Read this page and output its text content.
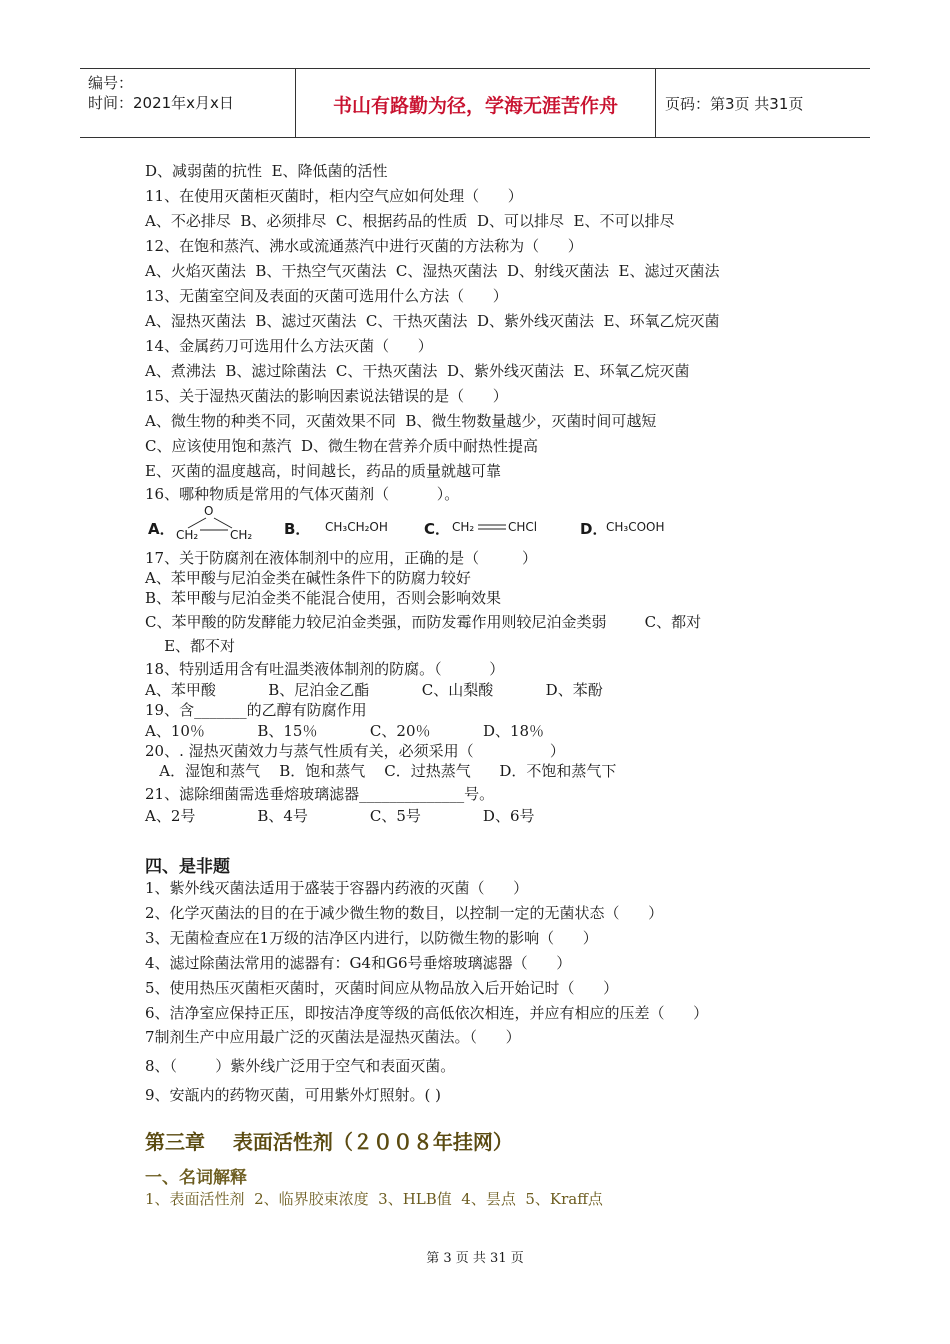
编号：
时间：2021年x月x日	书山有路勤为径，学海无涯苦作舟	页码：第3页 共31页
D、减弱菌的抗性  E、降低菌的活性
11、在使用灭菌柜灭菌时，柜内空气应如何处理（      ）
A、不必排尽  B、必须排尽  C、根据药品的性质  D、可以排尽  E、不可以排尽
12、在饱和蒸汽、沸水或流通蒸汽中进行灭菌的方法称为（      ）
A、火焰灭菌法  B、干热空气灭菌法  C、湿热灭菌法  D、射线灭菌法  E、滤过灭菌法
13、无菌室空间及表面的灭菌可选用什么方法（      ）
A、湿热灭菌法  B、滤过灭菌法  C、干热灭菌法  D、紫外线灭菌法  E、环氧乙烷灭菌
14、金属药刀可选用什么方法灭菌（      ）
A、煮沸法  B、滤过除菌法  C、干热灭菌法  D、紫外线灭菌法  E、环氧乙烷灭菌
15、关于湿热灭菌法的影响因素说法错误的是（      ）
A、微生物的种类不同，灭菌效果不同  B、微生物数量越少，灭菌时间可越短
C、应该使用饱和蒸汽  D、微生物在营养介质中耐热性提高
E、灭菌的温度越高，时间越长，药品的质量就越可靠
16、哪种物质是常用的气体灭菌剂（          ）。
A．
O
CH₂	CH₂ B． CH₃CH₂OH C． CH₂	CHCl	D．
CH₃COOH
17、关于防腐剂在液体制剂中的应用，正确的是（         ）
A、苯甲酸与尼泊金类在碱性条件下的防腐力较好
B、苯甲酸与尼泊金类不能混合使用，否则会影响效果
C、苯甲酸的防发酵能力较尼泊金类强，而防发霉作用则较尼泊金类弱        C、都对
E、都不对
18、特别适用含有吐温类液体制剂的防腐。（          ）
A、苯甲酸           B、尼泊金乙酯           C、山梨酸           D、苯酚
19、含_______的乙醇有防腐作用
A、10％           B、15％           C、20％           D、18％
20、. 湿热灭菌效力与蒸气性质有关，必须采用（                ）
A．湿饱和蒸气    B．饱和蒸气    C．过热蒸气      D．不饱和蒸气下
21、滤除细菌需选垂熔玻璃滤器______________号。
A、2号             B、4号             C、5号             D、6号
四、是非题
1、紫外线灭菌法适用于盛装于容器内药液的灭菌（      ）
2、化学灭菌法的目的在于减少微生物的数目，以控制一定的无菌状态（      ）
3、无菌检查应在1万级的洁净区内进行，以防微生物的影响（      ）
4、滤过除菌法常用的滤器有：G4和G6号垂熔玻璃滤器（      ）
5、使用热压灭菌柜灭菌时，灭菌时间应从物品放入后开始记时（      ）
6、洁净室应保持正压，即按洁净度等级的高低依次相连，并应有相应的压差（      ）
7制剂生产中应用最广泛的灭菌法是湿热灭菌法。（      ）
8、（        ）紫外线广泛用于空气和表面灭菌。
9、安瓿内的药物灭菌，可用紫外灯照射。( )
第三章    表面活性剂（２００８年挂网）
一、名词解释
1、表面活性剂  2、临界胶束浓度  3、HLB值  4、昙点  5、Kraff点
第 3 页 共 31 页
